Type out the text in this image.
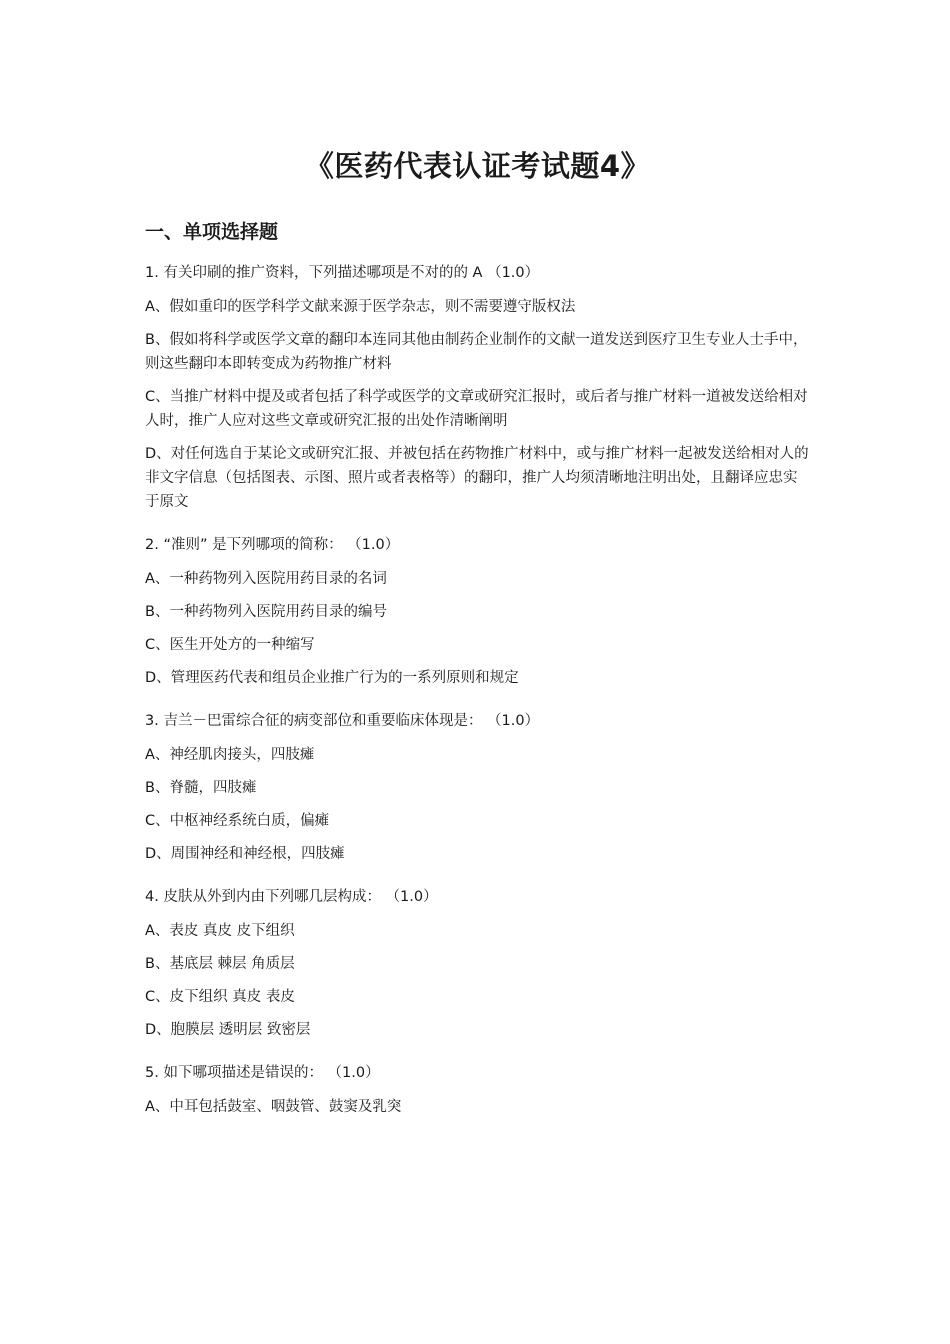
《医药代表认证考试题4》
一、单项选择题
1. 有关印刷的推广资料，下列描述哪项是不对的的 A （1.0）
A、假如重印的医学科学文献来源于医学杂志，则不需要遵守版权法
B、假如将科学或医学文章的翻印本连同其他由制药企业制作的文献一道发送到医疗卫生专业人士手中，则这些翻印本即转变成为药物推广材料
C、当推广材料中提及或者包括了科学或医学的文章或研究汇报时，或后者与推广材料一道被发送给相对人时，推广人应对这些文章或研究汇报的出处作清晰阐明
D、对任何选自于某论文或研究汇报、并被包括在药物推广材料中，或与推广材料一起被发送给相对人的非文字信息（包括图表、示图、照片或者表格等）的翻印，推广人均须清晰地注明出处，且翻译应忠实于原文
2. “准则” 是下列哪项的简称： （1.0）
A、一种药物列入医院用药目录的名词
B、一种药物列入医院用药目录的编号
C、医生开处方的一种缩写
D、管理医药代表和组员企业推广行为的一系列原则和规定
3. 吉兰－巴雷综合征的病变部位和重要临床体现是： （1.0）
A、神经肌肉接头，四肢瘫
B、脊髓，四肢瘫
C、中枢神经系统白质，偏瘫
D、周围神经和神经根，四肢瘫
4. 皮肤从外到内由下列哪几层构成： （1.0）
A、表皮 真皮 皮下组织
B、基底层 棘层 角质层
C、皮下组织 真皮 表皮
D、胞膜层 透明层 致密层
5. 如下哪项描述是错误的： （1.0）
A、中耳包括鼓室、咽鼓管、鼓窦及乳突
